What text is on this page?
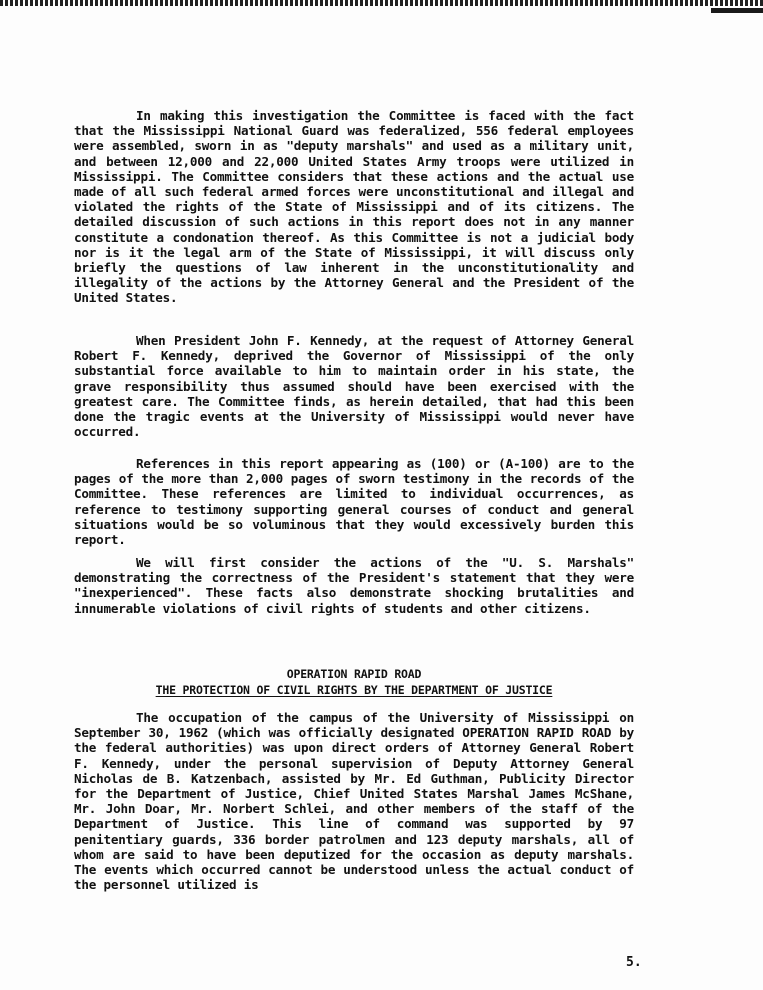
In making this investigation the Committee is faced with the fact that the Mississippi National Guard was federalized, 556 federal employees were assembled, sworn in as "deputy marshals" and used as a military unit, and between 12,000 and 22,000 United States Army troops were utilized in Mississippi. The Committee considers that these actions and the actual use made of all such federal armed forces were unconstitutional and illegal and violated the rights of the State of Mississippi and of its citizens. The detailed discussion of such actions in this report does not in any manner constitute a condonation thereof. As this Committee is not a judicial body nor is it the legal arm of the State of Mississippi, it will discuss only briefly the questions of law inherent in the unconstitutionality and illegality of the actions by the Attorney General and the President of the United States.

When President John F. Kennedy, at the request of Attorney General Robert F. Kennedy, deprived the Governor of Mississippi of the only substantial force available to him to maintain order in his state, the grave responsibility thus assumed should have been exercised with the greatest care. The Committee finds, as herein detailed, that had this been done the tragic events at the University of Mississippi would never have occurred.

References in this report appearing as (100) or (A-100) are to the pages of the more than 2,000 pages of sworn testimony in the records of the Committee. These references are limited to individual occurrences, as reference to testimony supporting general courses of conduct and general situations would be so voluminous that they would excessively burden this report.

We will first consider the actions of the "U. S. Marshals" demonstrating the correctness of the President's statement that they were "inexperienced". These facts also demonstrate shocking brutalities and innumerable violations of civil rights of students and other citizens.

OPERATION RAPID ROAD

THE PROTECTION OF CIVIL RIGHTS BY THE DEPARTMENT OF JUSTICE

The occupation of the campus of the University of Mississippi on September 30, 1962 (which was officially designated OPERATION RAPID ROAD by the federal authorities) was upon direct orders of Attorney General Robert F. Kennedy, under the personal supervision of Deputy Attorney General Nicholas de B. Katzenbach, assisted by Mr. Ed Guthman, Publicity Director for the Department of Justice, Chief United States Marshal James McShane, Mr. John Doar, Mr. Norbert Schlei, and other members of the staff of the Department of Justice. This line of command was supported by 97 penitentiary guards, 336 border patrolmen and 123 deputy marshals, all of whom are said to have been deputized for the occasion as deputy marshals. The events which occurred cannot be understood unless the actual conduct of the personnel utilized is

5.
